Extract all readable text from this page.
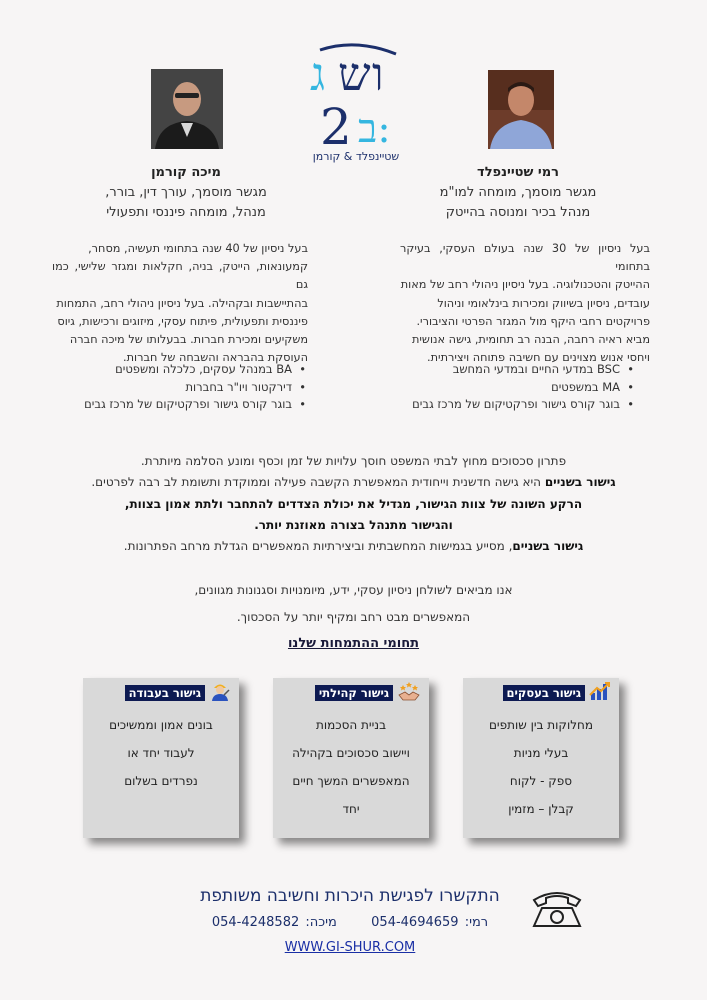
ג ש ו
2 ב:
שטיינפלד & קורמן
רמי שטיינפלד
מגשר מוסמך, מומחה למו"מ
מנהל בכיר ומנוסה בהייטק
בעל ניסיון של 30 שנה בעולם העסקי, בעיקר בתחומי
ההייטק והטכנולוגיה. בעל ניסיון ניהולי רחב של מאות
עובדים, ניסיון בשיווק ומכירות בינלאומי וניהול
פרויקטים רחבי היקף מול המגזר הפרטי והציבורי.
מביא ראיה רחבה, הבנה רב תחומית, גישה אנושית
ויחסי אנוש מצוינים עם חשיבה פתוחה ויצירתית.
• BSC במדעי החיים ובמדעי המחשב
• MA במשפטים
• בוגר קורס גישור ופרקטיקום של מרכז גבים
מיכה קורמן
מגשר מוסמך, עורך דין, בורר,
מנהל, מומחה פיננסי ותפעולי
בעל ניסיון של 40 שנה בתחומי תעשיה, מסחר,
קמעונאות, הייטק, בניה, חקלאות ומגזר שלישי, כמו גם
בהתיישבות ובקהילה. בעל ניסיון ניהולי רחב, התמחות
פיננסית ותפעולית, פיתוח עסקי, מיזוגים ורכישות, גיוס
משקיעים ומכירת חברות. בבעלותו של מיכה חברה
העוסקת בהבראה והשבחה של חברות.
• BA במנהל עסקים, כלכלה ומשפטים
• דירקטור ויו"ר בחברות
• בוגר קורס גישור ופרקטיקום של מרכז גבים
פתרון סכסוכים מחוץ לבתי המשפט חוסך עלויות של זמן וכסף ומונע הסלמה מיותרת.
גישור בשניים היא גישה חדשנית וייחודית המאפשרת הקשבה פעילה וממוקדת ותשומת לב רבה לפרטים.
הרקע השונה של צוות הגישור, מגדיל את יכולת הצדדים להתחבר ולתת אמון בצוות,
והגישור מתנהל בצורה מאוזנת יותר.
גישור בשניים, מסייע בגמישות המחשבתית וביצירתיות המאפשרים הגדלת מרחב הפתרונות.
אנו מביאים לשולחן ניסיון עסקי, ידע, מיומנויות וסגנונות מגוונים,
המאפשרים מבט רחב ומקיף יותר על הסכסוך.
תחומי ההתמחות שלנו
גישור בעסקים
מחלוקות בין שותפים
בעלי מניות
ספק - לקוח
קבלן – מזמין
גישור קהילתי
בניית הסכמות
ויישוב סכסוכים בקהילה
המאפשרים המשך חיים
יחד
גישור בעבודה
בונים אמון וממשיכים
לעבוד יחד או
נפרדים בשלום
התקשרו לפגישת היכרות וחשיבה משותפת
רמי: 054-4694659  מיכה: 054-4248582
WWW.GI-SHUR.COM
